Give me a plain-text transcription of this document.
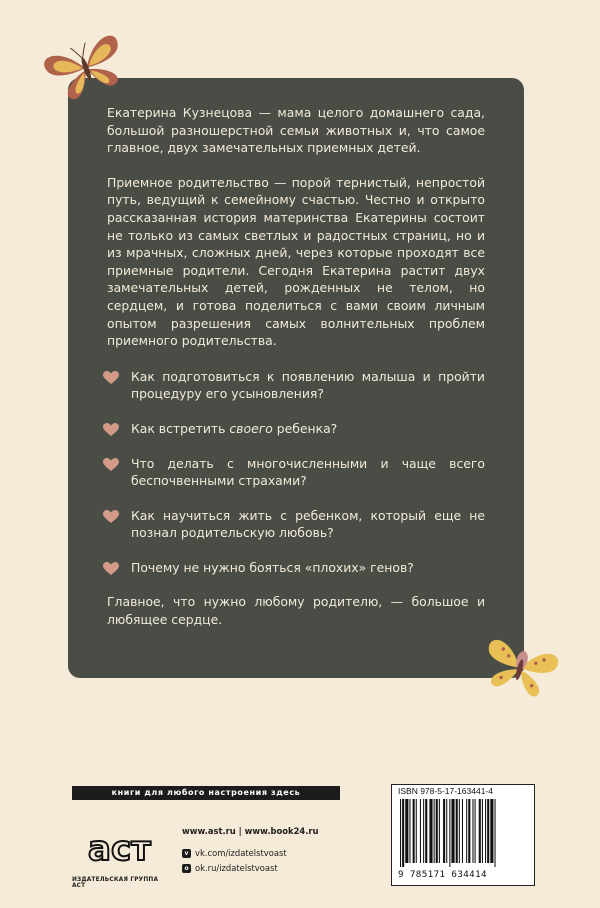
Екатерина Кузнецова — мама целого домашнего сада, большой разношерстной семьи животных и, что самое главное, двух замечательных приемных детей.

Приемное родительство — порой тернистый, непростой путь, ведущий к семейному счастью. Честно и открыто рассказанная история материнства Екатерины состоит не только из самых светлых и радостных страниц, но и из мрачных, сложных дней, через которые проходят все приемные родители. Сегодня Екатерина растит двух замечательных детей, рожденных не телом, но сердцем, и готова поделиться с вами своим личным опытом разрешения самых волнительных проблем приемного родительства.

Как подготовиться к появлению малыша и пройти процедуру его усыновления?
Как встретить своего ребенка?
Что делать с многочисленными и чаще всего беспочвенными страхами?
Как научиться жить с ребенком, который еще не познал родительскую любовь?
Почему не нужно бояться «плохих» генов?

Главное, что нужно любому родителю, — большое и любящее сердце.

книги для любого настроения здесь
аст
ИЗДАТЕЛЬСКАЯ ГРУППА АСТ
www.ast.ru | www.book24.ru
v vk.com/izdatelstvoast
o ok.ru/izdatelstvoast
ISBN 978-5-17-163441-4
9 785171 634414
